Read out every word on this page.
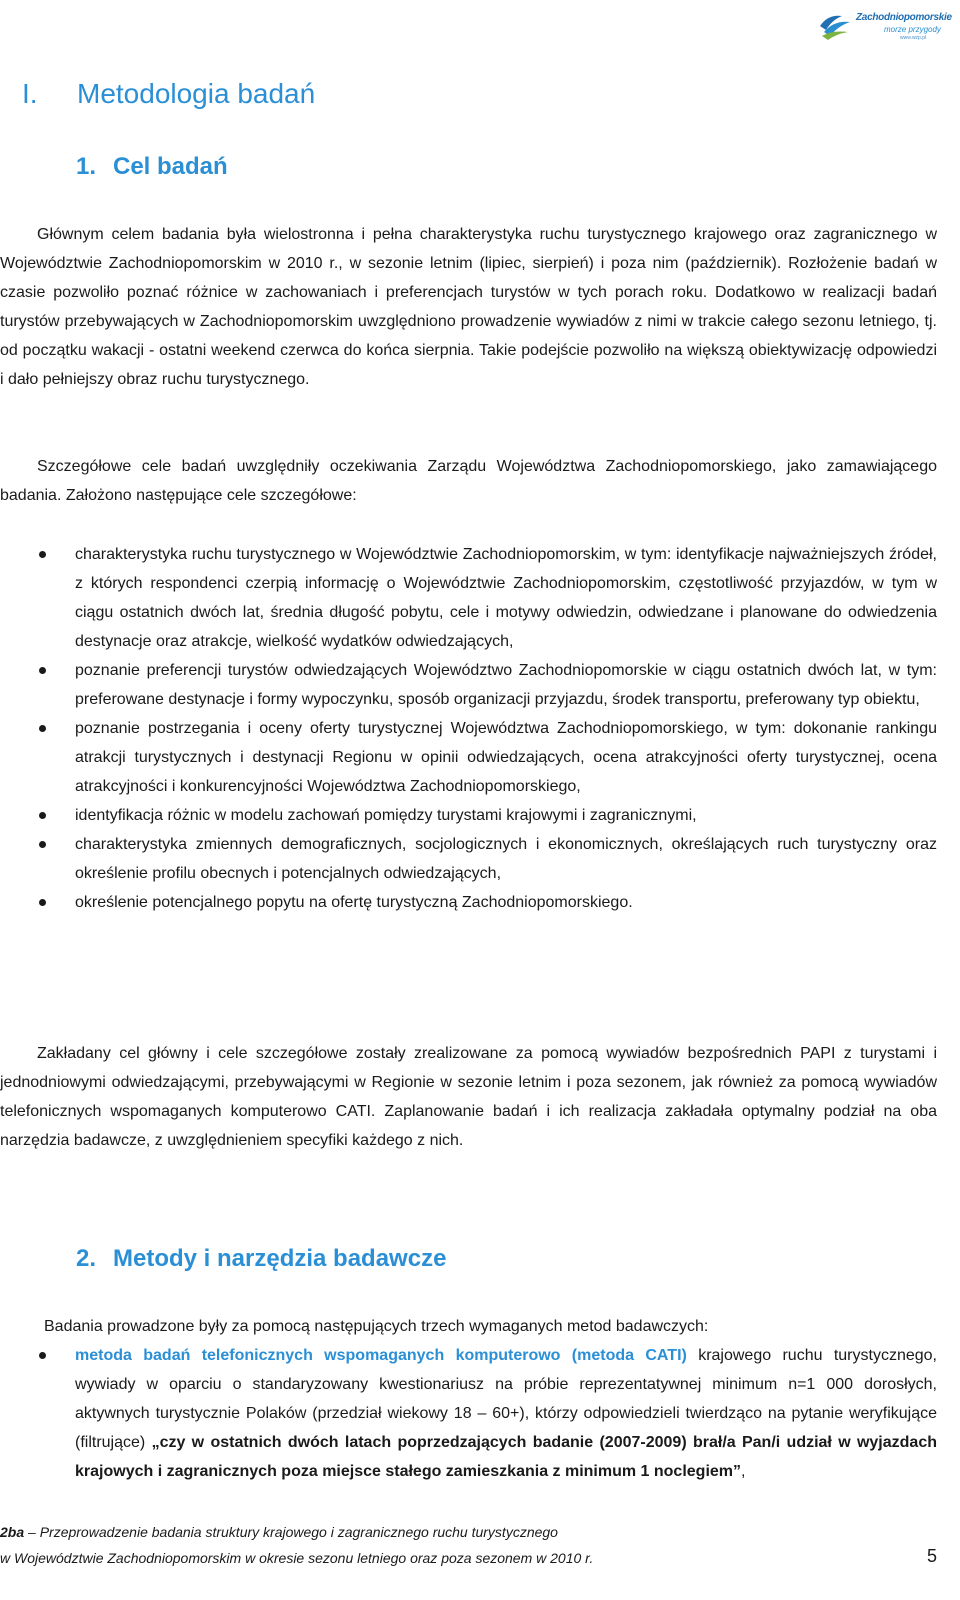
Zachodniopomorskie
morze przygody
www.wzp.pl
I. Metodologia badań
1. Cel badań

Głównym celem badania była wielostronna i pełna charakterystyka ruchu turystycznego krajowego oraz zagranicznego w Województwie Zachodniopomorskim w 2010 r., w sezonie letnim (lipiec, sierpień) i poza nim (październik). Rozłożenie badań w czasie pozwoliło poznać różnice w zachowaniach i preferencjach turystów w tych porach roku. Dodatkowo w realizacji badań turystów przebywających w Zachodniopomorskim uwzględniono prowadzenie wywiadów z nimi w trakcie całego sezonu letniego, tj. od początku wakacji - ostatni weekend czerwca do końca sierpnia. Takie podejście pozwoliło na większą obiektywizację odpowiedzi i dało pełniejszy obraz ruchu turystycznego.

Szczegółowe cele badań uwzględniły oczekiwania Zarządu Województwa Zachodniopomorskiego, jako zamawiającego badania. Założono następujące cele szczegółowe:

charakterystyka ruchu turystycznego w Województwie Zachodniopomorskim, w tym: identyfikacje najważniejszych źródeł, z których respondenci czerpią informację o Województwie Zachodniopomorskim, częstotliwość przyjazdów, w tym w ciągu ostatnich dwóch lat, średnia długość pobytu, cele i motywy odwiedzin, odwiedzane i planowane do odwiedzenia destynacje oraz atrakcje, wielkość wydatków odwiedzających,
poznanie preferencji turystów odwiedzających Województwo Zachodniopomorskie w ciągu ostatnich dwóch lat, w tym: preferowane destynacje i formy wypoczynku, sposób organizacji przyjazdu, środek transportu, preferowany typ obiektu,
poznanie postrzegania i oceny oferty turystycznej Województwa Zachodniopomorskiego, w tym: dokonanie rankingu atrakcji turystycznych i destynacji Regionu w opinii odwiedzających, ocena atrakcyjności oferty turystycznej, ocena atrakcyjności i konkurencyjności Województwa Zachodniopomorskiego,
identyfikacja różnic w modelu zachowań pomiędzy turystami krajowymi i zagranicznymi,
charakterystyka zmiennych demograficznych, socjologicznych i ekonomicznych, określających ruch turystyczny oraz określenie profilu obecnych i potencjalnych odwiedzających,
określenie potencjalnego popytu na ofertę turystyczną Zachodniopomorskiego.

Zakładany cel główny i cele szczegółowe zostały zrealizowane za pomocą wywiadów bezpośrednich PAPI z turystami i jednodniowymi odwiedzającymi, przebywającymi w Regionie w sezonie letnim i poza sezonem, jak również za pomocą wywiadów telefonicznych wspomaganych komputerowo CATI. Zaplanowanie badań i ich realizacja zakładała optymalny podział na oba narzędzia badawcze, z uwzględnieniem specyfiki każdego z nich.

2. Metody i narzędzia badawcze

Badania prowadzone były za pomocą następujących trzech wymaganych metod badawczych:

metoda badań telefonicznych wspomaganych komputerowo (metoda CATI) krajowego ruchu turystycznego, wywiady w oparciu o standaryzowany kwestionariusz na próbie reprezentatywnej minimum n=1 000 dorosłych, aktywnych turystycznie Polaków (przedział wiekowy 18 – 60+), którzy odpowiedzieli twierdząco na pytanie weryfikujące (filtrujące) „czy w ostatnich dwóch latach poprzedzających badanie (2007-2009) brał/a Pan/i udział w wyjazdach krajowych i zagranicznych poza miejsce stałego zamieszkania z minimum 1 noclegiem”,
2ba – Przeprowadzenie badania struktury krajowego i zagranicznego ruchu turystycznego
w Województwie Zachodniopomorskim w okresie sezonu letniego oraz poza sezonem w 2010 r.	5
